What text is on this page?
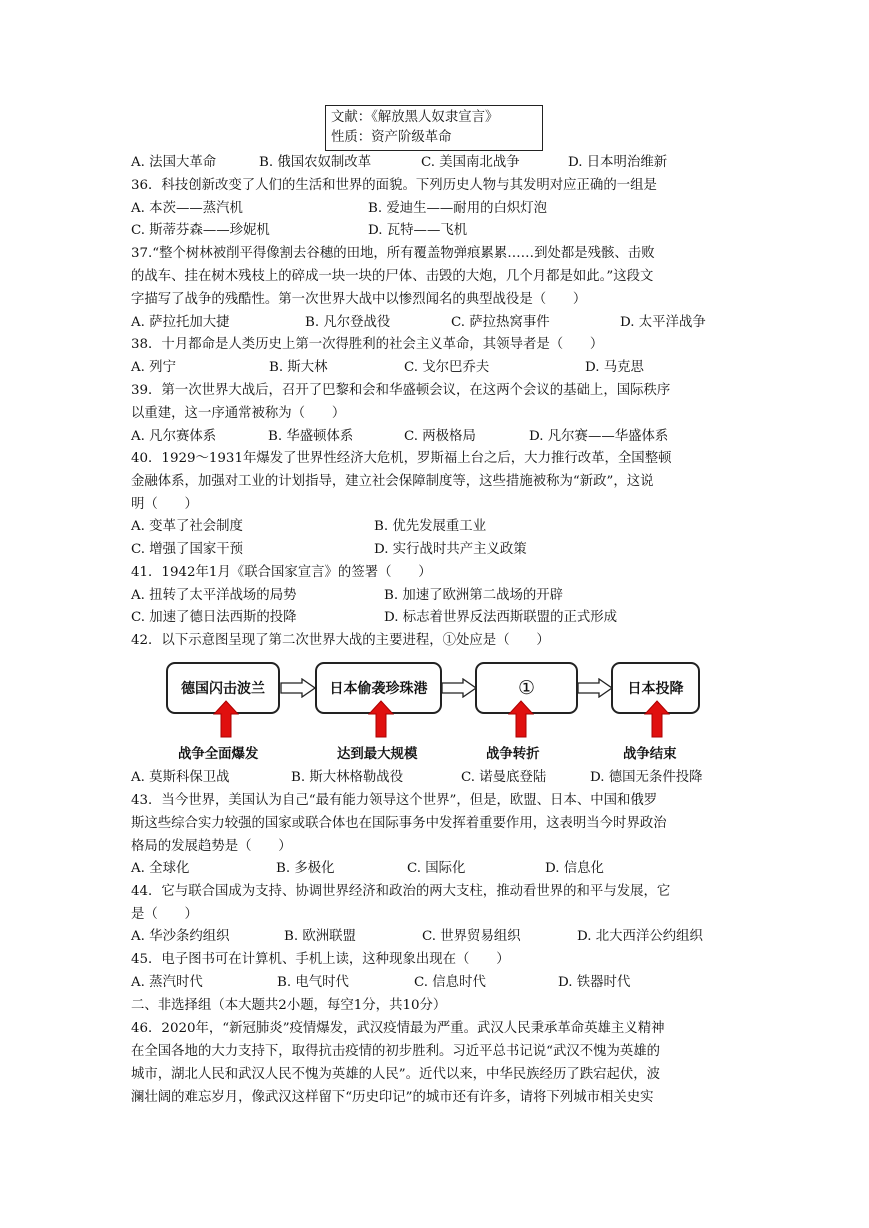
文献：《解放黑人奴隶宣言》
性质：资产阶级革命
A. 法国大革命	B. 俄国农奴制改革	C. 美国南北战争	D. 日本明治维新
36．科技创新改变了人们的生活和世界的面貌。下列历史人物与其发明对应正确的一组是
A. 本茨——蒸汽机	B. 爱迪生——耐用的白炽灯泡
C. 斯蒂芬森——珍妮机	D. 瓦特——飞机
37.“整个树林被削平得像割去谷穗的田地，所有覆盖物弹痕累累……到处都是残骸、击败
的战车、挂在树木残枝上的碎成一块一块的尸体、击毁的大炮，几个月都是如此。”这段文
字描写了战争的残酷性。第一次世界大战中以惨烈闻名的典型战役是（　　）
A. 萨拉托加大捷	B. 凡尔登战役	C. 萨拉热窝事件	D. 太平洋战争
38．十月都命是人类历史上第一次得胜利的社会主义革命，其领导者是（　　）
A. 列宁	B. 斯大林	C. 戈尔巴乔夫	D. 马克思
39．第一次世界大战后，召开了巴黎和会和华盛顿会议，在这两个会议的基础上，国际秩序
以重建，这一序通常被称为（　　）
A. 凡尔赛体系	B. 华盛顿体系	C. 两极格局	D. 凡尔赛——华盛体系
40．1929～1931年爆发了世界性经济大危机，罗斯福上台之后，大力推行改革，全国整顿
金融体系，加强对工业的计划指导，建立社会保障制度等，这些措施被称为“新政”，这说
明（　　）
A. 变革了社会制度	B. 优先发展重工业
C. 增强了国家干预	D. 实行战时共产主义政策
41．1942年1月《联合国家宣言》的签署（　　）
A. 扭转了太平洋战场的局势	B. 加速了欧洲第二战场的开辟
C. 加速了德日法西斯的投降	D. 标志着世界反法西斯联盟的正式形成
42．以下示意图呈现了第二次世界大战的主要进程，①处应是（　　）
德国闪击波兰	日本偷袭珍珠港	①	日本投降
战争全面爆发	达到最大规模	战争转折	战争结束
A. 莫斯科保卫战	B. 斯大林格勒战役	C. 诺曼底登陆	D. 德国无条件投降
43．当今世界，美国认为自己“最有能力领导这个世界”，但是，欧盟、日本、中国和俄罗
斯这些综合实力较强的国家或联合体也在国际事务中发挥着重要作用，这表明当今时界政治
格局的发展趋势是（　　）
A. 全球化	B. 多极化	C. 国际化	D. 信息化
44．它与联合国成为支持、协调世界经济和政治的两大支柱，推动看世界的和平与发展，它
是（　　）
A. 华沙条约组织	B. 欧洲联盟	C. 世界贸易组织	D. 北大西洋公约组织
45．电子图书可在计算机、手机上读，这种现象出现在（　　）
A. 蒸汽时代	B. 电气时代	C. 信息时代	D. 铁器时代
二、非选择组（本大题共2小题，每空1分，共10分）
46．2020年，“新冠肺炎”疫情爆发，武汉疫情最为严重。武汉人民秉承革命英雄主义精神
在全国各地的大力支持下，取得抗击疫情的初步胜利。习近平总书记说“武汉不愧为英雄的
城市，湖北人民和武汉人民不愧为英雄的人民”。近代以来，中华民族经历了跌宕起伏，波
澜壮阔的难忘岁月，像武汉这样留下“历史印记”的城市还有许多，请将下列城市相关史实
